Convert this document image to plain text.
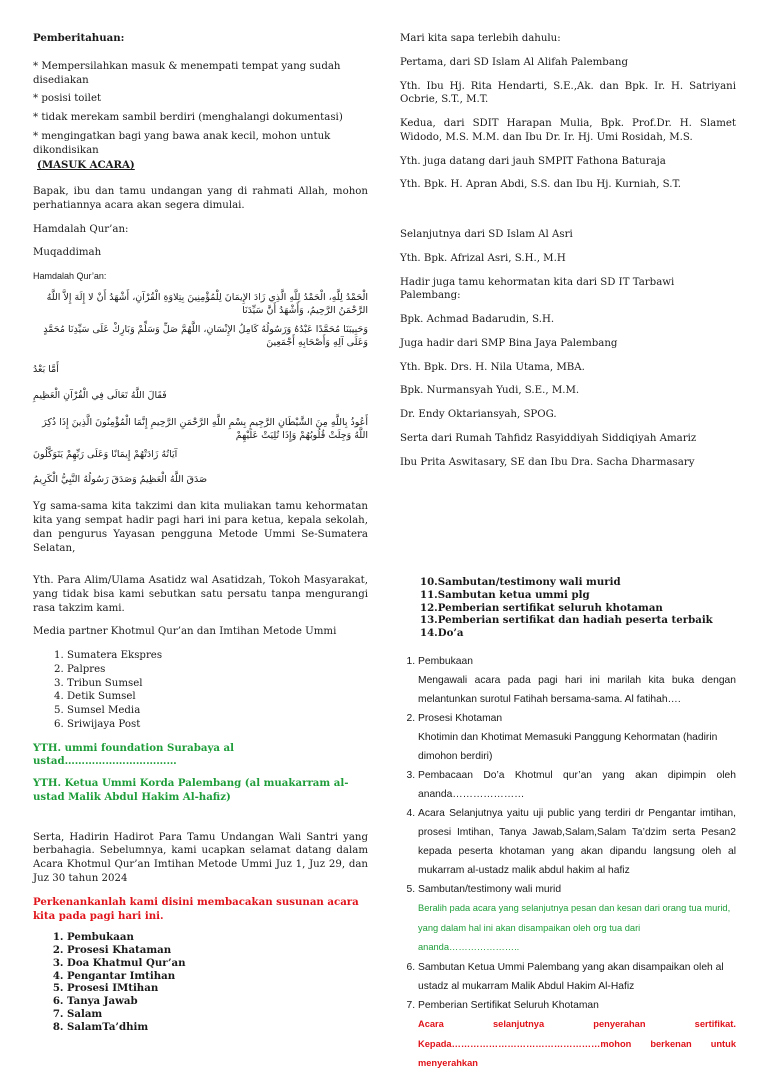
Pemberitahuan:

* Mempersilahkan masuk & menempati tempat yang sudah disediakan

* posisi toilet

* tidak merekam sambil berdiri (menghalangi dokumentasi)

* mengingatkan bagi yang bawa anak kecil, mohon untuk dikondisikan

(MASUK ACARA)

Bapak, ibu dan tamu undangan yang di rahmati Allah, mohon perhatiannya acara akan segera dimulai.

Hamdalah Qur’an:

Muqaddimah

Hamdalah Qur’an:

الْحَمْدُ لِلَّهِ، الْحَمْدُ لِلَّهِ الَّذِي زَادَ الإِيمَانَ لِلْمُؤْمِنِينَ بِتِلاوَةِ الْقُرْآنِ، أَشْهَدُ أَنْ لا إِلَهَ إِلاَّ اللَّهُ الرَّحْمَنُ الرَّحِيمُ، وَأَشْهَدُ أَنَّ سَيِّدَنَا

وَحَبِيبَنَا مُحَمَّدًا عَبْدُهُ وَرَسُولُهُ كَامِلُ الإِنْسَانِ، اللَّهُمَّ صَلِّ وَسَلِّمْ وَبَارِكْ عَلَى سَيِّدِنَا مُحَمَّدٍ وَعَلَى آلِهِ وَأَصْحَابِهِ أَجْمَعِينَ

أَمَّا بَعْدُ

فَقَالَ اللَّهُ تَعَالَى فِي الْقُرْآنِ الْعَظِيمِ

أَعُوذُ بِاللَّهِ مِنَ الشَّيْطَانِ الرَّجِيمِ بِسْمِ اللَّهِ الرَّحْمَنِ الرَّحِيمِ إِنَّمَا الْمُؤْمِنُونَ الَّذِينَ إِذَا ذُكِرَ اللَّهُ وَجِلَتْ قُلُوبُهُمْ وَإِذَا تُلِيَتْ عَلَيْهِمْ

آيَاتُهُ زَادَتْهُمْ إِيمَانًا وَعَلَى رَبِّهِمْ يَتَوَكَّلُونَ

صَدَقَ اللَّهُ الْعَظِيمُ وَصَدَقَ رَسُولُهُ النَّبِيُّ الْكَرِيمُ

Yg sama-sama kita takzimi dan kita muliakan tamu kehormatan kita yang sempat hadir pagi hari ini para ketua, kepala sekolah, dan pengurus Yayasan pengguna Metode Ummi Se-Sumatera Selatan,

Mari kita sapa terlebih dahulu:

Pertama, dari SD Islam Al Alifah Palembang

Yth. Ibu Hj. Rita Hendarti, S.E.,Ak. dan Bpk. Ir. H. Satriyani Ocbrie, S.T., M.T.

Kedua, dari SDIT Harapan Mulia, Bpk. Prof.Dr. H. Slamet Widodo, M.S. M.M. dan Ibu Dr. Ir. Hj. Umi Rosidah, M.S.

Yth. juga datang dari jauh SMPIT Fathona Baturaja

Yth. Bpk. H. Apran Abdi, S.S. dan Ibu Hj. Kurniah, S.T.

Selanjutnya dari SD Islam Al Asri

Yth. Bpk. Afrizal Asri, S.H., M.H

Hadir juga tamu kehormatan kita dari SD IT Tarbawi Palembang:

Bpk. Achmad Badarudin, S.H.

Juga hadir dari SMP Bina Jaya Palembang

Yth. Bpk. Drs. H. Nila Utama, MBA.

Bpk. Nurmansyah Yudi, S.E., M.M.

Dr. Endy Oktariansyah, SPOG.

Serta dari Rumah Tahfidz Rasyiddiyah Siddiqiyah Amariz

Ibu Prita Aswitasary, SE dan Ibu Dra. Sacha Dharmasary

Yth. Para Alim/Ulama Asatidz wal Asatidzah, Tokoh Masyarakat, yang tidak bisa kami sebutkan satu persatu tanpa mengurangi rasa takzim kami.

Media partner Khotmul Qur’an dan Imtihan Metode Ummi

1. Sumatera Ekspres
2. Palpres
3. Tribun Sumsel
4. Detik Sumsel
5. Sumsel Media
6. Sriwijaya Post

YTH. ummi foundation Surabaya al ustad……………………………

YTH. Ketua Ummi Korda Palembang (al muakarram al-ustad Malik Abdul Hakim Al-hafiz)

Serta, Hadirin Hadirot Para Tamu Undangan Wali Santri yang berbahagia. Sebelumnya, kami ucapkan selamat datang dalam Acara Khotmul Qur’an Imtihan Metode Ummi Juz 1, Juz 29, dan Juz 30 tahun 2024

Perkenankanlah kami disini membacakan susunan acara kita pada pagi hari ini.

1. Pembukaan
2. Prosesi Khataman
3. Doa Khatmul Qur’an
4. Pengantar Imtihan
5. Prosesi IMtihan
6. Tanya Jawab
7. Salam
8. SalamTa’dhim

10.Sambutan/testimony wali murid

11.Sambutan ketua ummi plg

12.Pemberian sertifikat seluruh khotaman

13.Pemberian sertifikat dan hadiah peserta terbaik

14.Do’a

1. Pembukaan

Mengawali acara pada pagi hari ini marilah kita buka dengan melantunkan surotul Fatihah bersama-sama. Al fatihah….

2. Prosesi Khotaman

Khotimin dan Khotimat Memasuki Panggung Kehormatan (hadirin dimohon berdiri)

3. Pembacaan Do’a Khotmul qur’an yang akan dipimpin oleh ananda…………………
4. Acara Selanjutnya yaitu uji public yang terdiri dr Pengantar imtihan, prosesi Imtihan, Tanya Jawab,Salam,Salam Ta’dzim serta Pesan2 kepada peserta khotaman yang akan dipandu langsung oleh al mukarram al-ustadz malik abdul hakim al hafiz
5. Sambutan/testimony wali murid

Beralih pada acara yang selanjutnya pesan dan kesan dari orang tua murid, yang dalam hal ini akan disampaikan oleh org tua dari ananda…………………..

6. Sambutan Ketua Ummi Palembang yang akan disampaikan oleh al ustadz al mukarram Malik Abdul Hakim Al-Hafiz
7. Pemberian Sertifikat Seluruh Khotaman

Acara selanjutnya penyerahan sertifikat. Kepada…………………………………………mohon berkenan untuk menyerahkan
